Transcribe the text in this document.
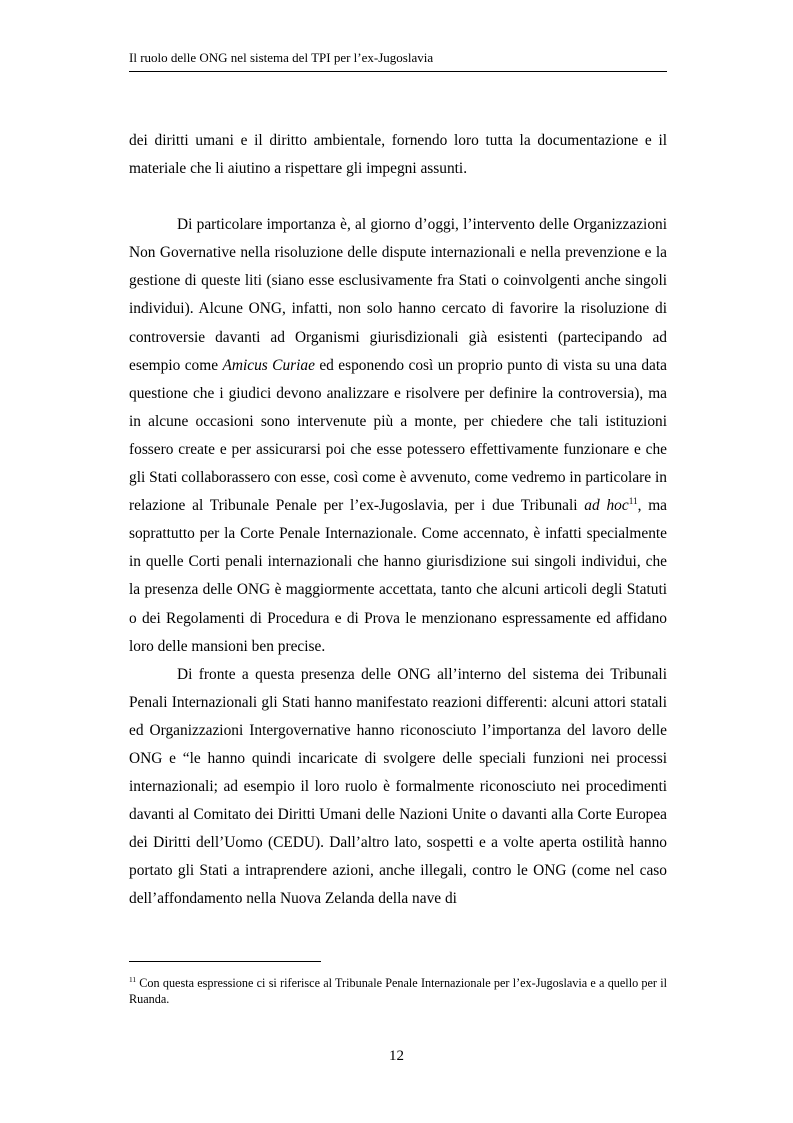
Il ruolo delle ONG nel sistema del TPI per l’ex-Jugoslavia

dei diritti umani e il diritto ambientale, fornendo loro tutta la documentazione e il materiale che li aiutino a rispettare gli impegni assunti.

Di particolare importanza è, al giorno d’oggi, l’intervento delle Organizzazioni Non Governative nella risoluzione delle dispute internazionali e nella prevenzione e la gestione di queste liti (siano esse esclusivamente fra Stati o coinvolgenti anche singoli individui). Alcune ONG, infatti, non solo hanno cercato di favorire la risoluzione di controversie davanti ad Organismi giurisdizionali già esistenti (partecipando ad esempio come Amicus Curiae ed esponendo così un proprio punto di vista su una data questione che i giudici devono analizzare e risolvere per definire la controversia), ma in alcune occasioni sono intervenute più a monte, per chiedere che tali istituzioni fossero create e per assicurarsi poi che esse potessero effettivamente funzionare e che gli Stati collaborassero con esse, così come è avvenuto, come vedremo in particolare in relazione al Tribunale Penale per l’ex-Jugoslavia, per i due Tribunali ad hoc$^{11}$, ma soprattutto per la Corte Penale Internazionale. Come accennato, è infatti specialmente in quelle Corti penali internazionali che hanno giurisdizione sui singoli individui, che la presenza delle ONG è maggiormente accettata, tanto che alcuni articoli degli Statuti o dei Regolamenti di Procedura e di Prova le menzionano espressamente ed affidano loro delle mansioni ben precise.

Di fronte a questa presenza delle ONG all’interno del sistema dei Tribunali Penali Internazionali gli Stati hanno manifestato reazioni differenti: alcuni attori statali ed Organizzazioni Intergovernative hanno riconosciuto l’importanza del lavoro delle ONG e “le hanno quindi incaricate di svolgere delle speciali funzioni nei processi internazionali; ad esempio il loro ruolo è formalmente riconosciuto nei procedimenti davanti al Comitato dei Diritti Umani delle Nazioni Unite o davanti alla Corte Europea dei Diritti dell’Uomo (CEDU). Dall’altro lato, sospetti e a volte aperta ostilità hanno portato gli Stati a intraprendere azioni, anche illegali, contro le ONG (come nel caso dell’affondamento nella Nuova Zelanda della nave di

$^{11}$ Con questa espressione ci si riferisce al Tribunale Penale Internazionale per l’ex-Jugoslavia e a quello per il Ruanda.
12
